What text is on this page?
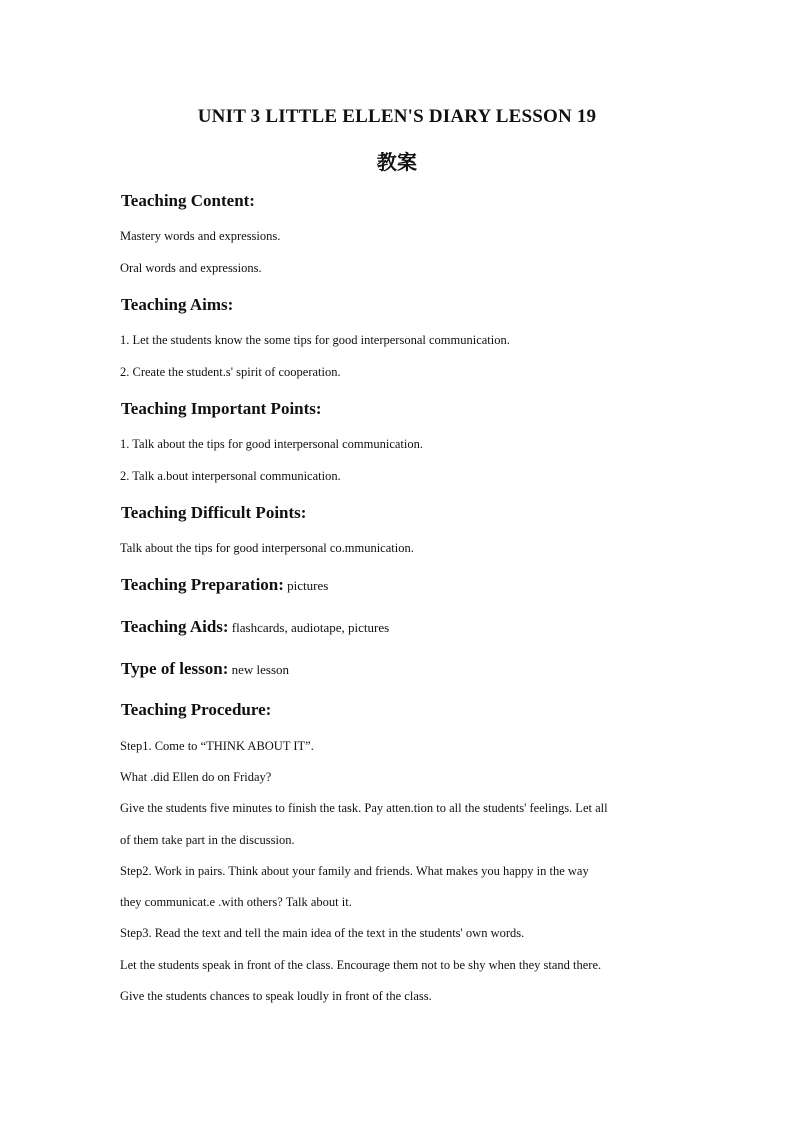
UNIT 3 LITTLE ELLEN'S DIARY LESSON 19
教案
Teaching Content:
Mastery words and expressions.
Oral words and expressions.
Teaching Aims:
1. Let the students know the some tips for good interpersonal communication.
2. Create the student.s' spirit of cooperation.
Teaching Important Points:
1. Talk about the tips for good interpersonal communication.
2. Talk a.bout interpersonal communication.
Teaching Difficult Points:
Talk about the tips for good interpersonal co.mmunication.
Teaching Preparation: pictures
Teaching Aids: flashcards, audiotape, pictures
Type of lesson: new lesson
Teaching Procedure:
Step1. Come to “THINK ABOUT IT”.
What .did Ellen do on Friday?
Give the students five minutes to finish the task. Pay atten.tion to all the students' feelings. Let all
of them take part in the discussion.
Step2. Work in pairs. Think about your family and friends. What makes you happy in the way
they communicat.e .with others? Talk about it.
Step3. Read the text and tell the main idea of the text in the students' own words.
Let the students speak in front of the class. Encourage them not to be shy when they stand there.
Give the students chances to speak loudly in front of the class.
